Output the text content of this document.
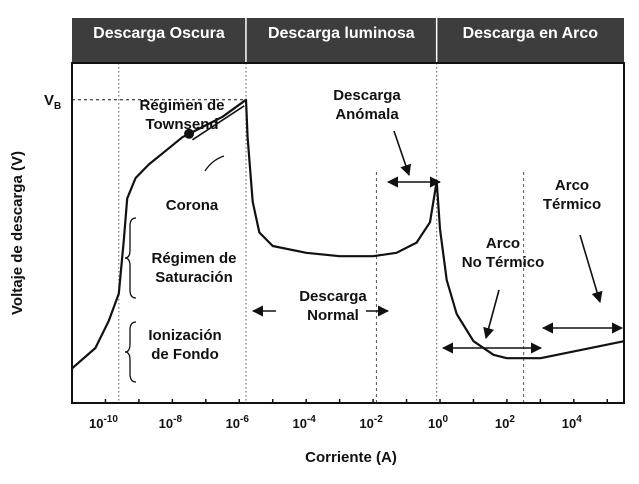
Descarga Oscura	Descarga luminosa	Descarga en Arco
$10^{-10}$	$10^{-8}$	$10^{-6}$	$10^{-4}$	$10^{-2}$	$10^0$	$10^2$	$10^4$
Régimen de Townsend
Corona
Régimen de Saturación
Ionización de Fondo
Descarga Normal
Descarga Anómala
Arco No Térmico
Arco Térmico
Corriente (A)
Voltaje de descarga (V)
$V_B$
